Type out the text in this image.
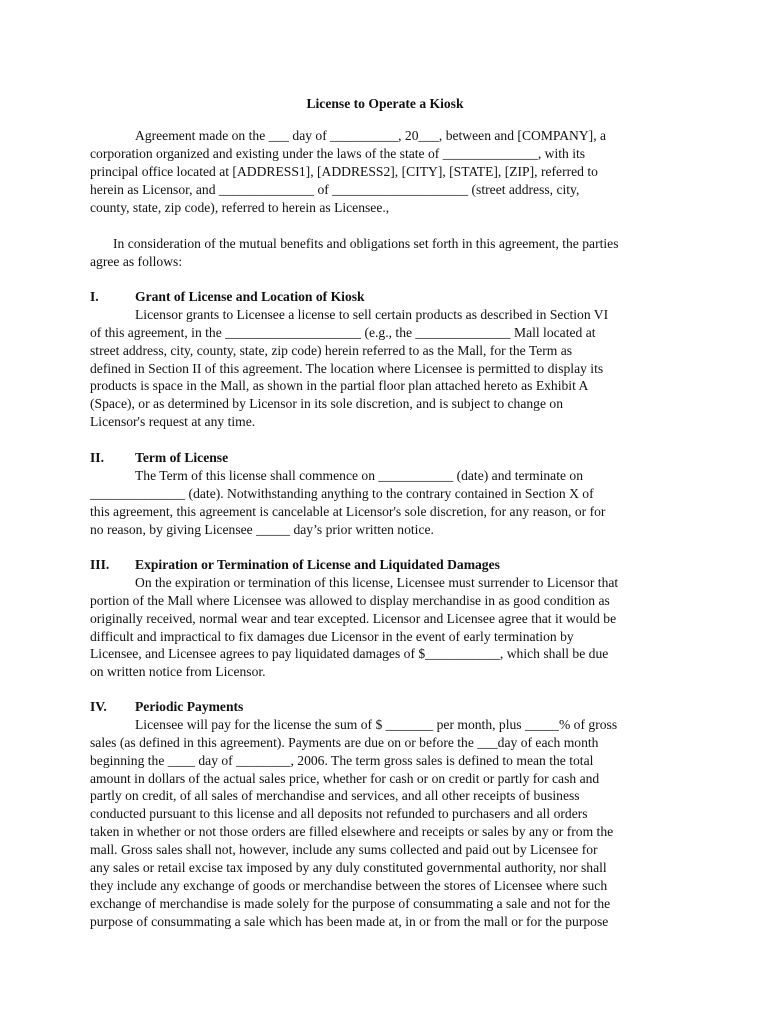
License to Operate a Kiosk
Agreement made on the ___ day of __________, 20___, between and [COMPANY], a
corporation organized and existing under the laws of the state of ______________, with its
principal office located at [ADDRESS1], [ADDRESS2], [CITY], [STATE], [ZIP], referred to
herein as Licensor, and ______________ of ____________________ (street address, city,
county, state, zip code), referred to herein as Licensee.,
In consideration of the mutual benefits and obligations set forth in this agreement, the parties
agree as follows:
I.	Grant of License and Location of Kiosk
Licensor grants to Licensee a license to sell certain products as described in Section VI
of this agreement, in the ____________________ (e.g., the ______________ Mall located at
street address, city, county, state, zip code) herein referred to as the Mall, for the Term as
defined in Section II of this agreement. The location where Licensee is permitted to display its
products is space in the Mall, as shown in the partial floor plan attached hereto as Exhibit A
(Space), or as determined by Licensor in its sole discretion, and is subject to change on
Licensor's request at any time.
II. Term of License
The Term of this license shall commence on ___________ (date) and terminate on
______________ (date). Notwithstanding anything to the contrary contained in Section X of
this agreement, this agreement is cancelable at Licensor's sole discretion, for any reason, or for
no reason, by giving Licensee _____ day’s prior written notice.
III. Expiration or Termination of License and Liquidated Damages
On the expiration or termination of this license, Licensee must surrender to Licensor that
portion of the Mall where Licensee was allowed to display merchandise in as good condition as
originally received, normal wear and tear excepted. Licensor and Licensee agree that it would be
difficult and impractical to fix damages due Licensor in the event of early termination by
Licensee, and Licensee agrees to pay liquidated damages of $___________, which shall be due
on written notice from Licensor.
IV. Periodic Payments
Licensee will pay for the license the sum of $ _______ per month, plus _____% of gross
sales (as defined in this agreement). Payments are due on or before the ___day of each month
beginning the ____ day of ________, 2006. The term gross sales is defined to mean the total
amount in dollars of the actual sales price, whether for cash or on credit or partly for cash and
partly on credit, of all sales of merchandise and services, and all other receipts of business
conducted pursuant to this license and all deposits not refunded to purchasers and all orders
taken in whether or not those orders are filled elsewhere and receipts or sales by any or from the
mall. Gross sales shall not, however, include any sums collected and paid out by Licensee for
any sales or retail excise tax imposed by any duly constituted governmental authority, nor shall
they include any exchange of goods or merchandise between the stores of Licensee where such
exchange of merchandise is made solely for the purpose of consummating a sale and not for the
purpose of consummating a sale which has been made at, in or from the mall or for the purpose
